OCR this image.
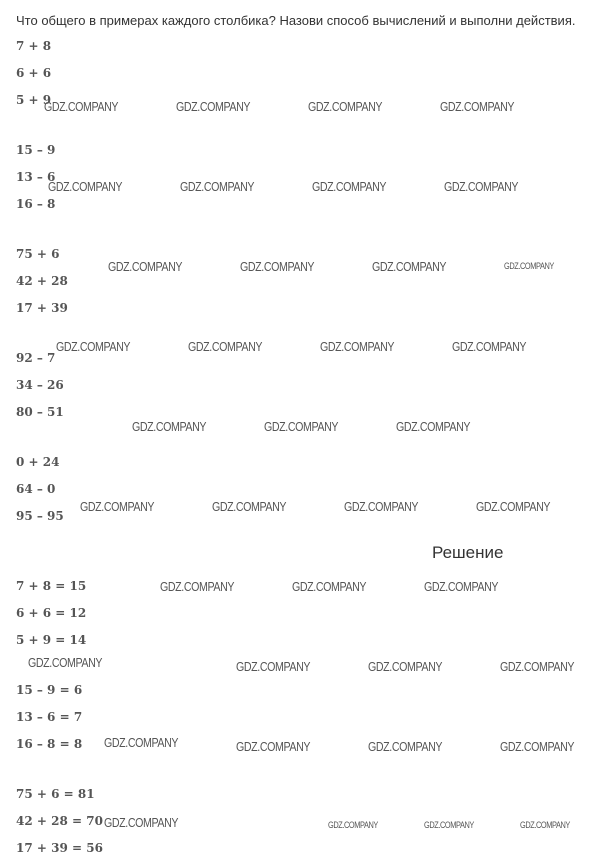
Что общего в примерах каждого столбика? Назови способ вычислений и выполни действия.
7 + 8
6 + 6
5 + 9
15 – 9
13 – 6
16 – 8
75 + 6
42 + 28
17 + 39
92 – 7
34 – 26
80 – 51
0 + 24
64 – 0
95 – 95
Решение
7 + 8 = 15
6 + 6 = 12
5 + 9 = 14
15 – 9 = 6
13 – 6 = 7
16 – 8 = 8
75 + 6 = 81
42 + 28 = 70
17 + 39 = 56
GDZ.COMPANY	GDZ.COMPANY	GDZ.COMPANY	GDZ.COMPANY
GDZ.COMPANY	GDZ.COMPANY	GDZ.COMPANY	GDZ.COMPANY
GDZ.COMPANY	GDZ.COMPANY	GDZ.COMPANY	GDZ.COMPANY
GDZ.COMPANY	GDZ.COMPANY	GDZ.COMPANY	GDZ.COMPANY
GDZ.COMPANY	GDZ.COMPANY	GDZ.COMPANY
GDZ.COMPANY	GDZ.COMPANY	GDZ.COMPANY	GDZ.COMPANY
GDZ.COMPANY	GDZ.COMPANY	GDZ.COMPANY
GDZ.COMPANY	GDZ.COMPANY	GDZ.COMPANY	GDZ.COMPANY
GDZ.COMPANY	GDZ.COMPANY	GDZ.COMPANY	GDZ.COMPANY
GDZ.COMPANY	GDZ.COMPANY	GDZ.COMPANY	GDZ.COMPANY
